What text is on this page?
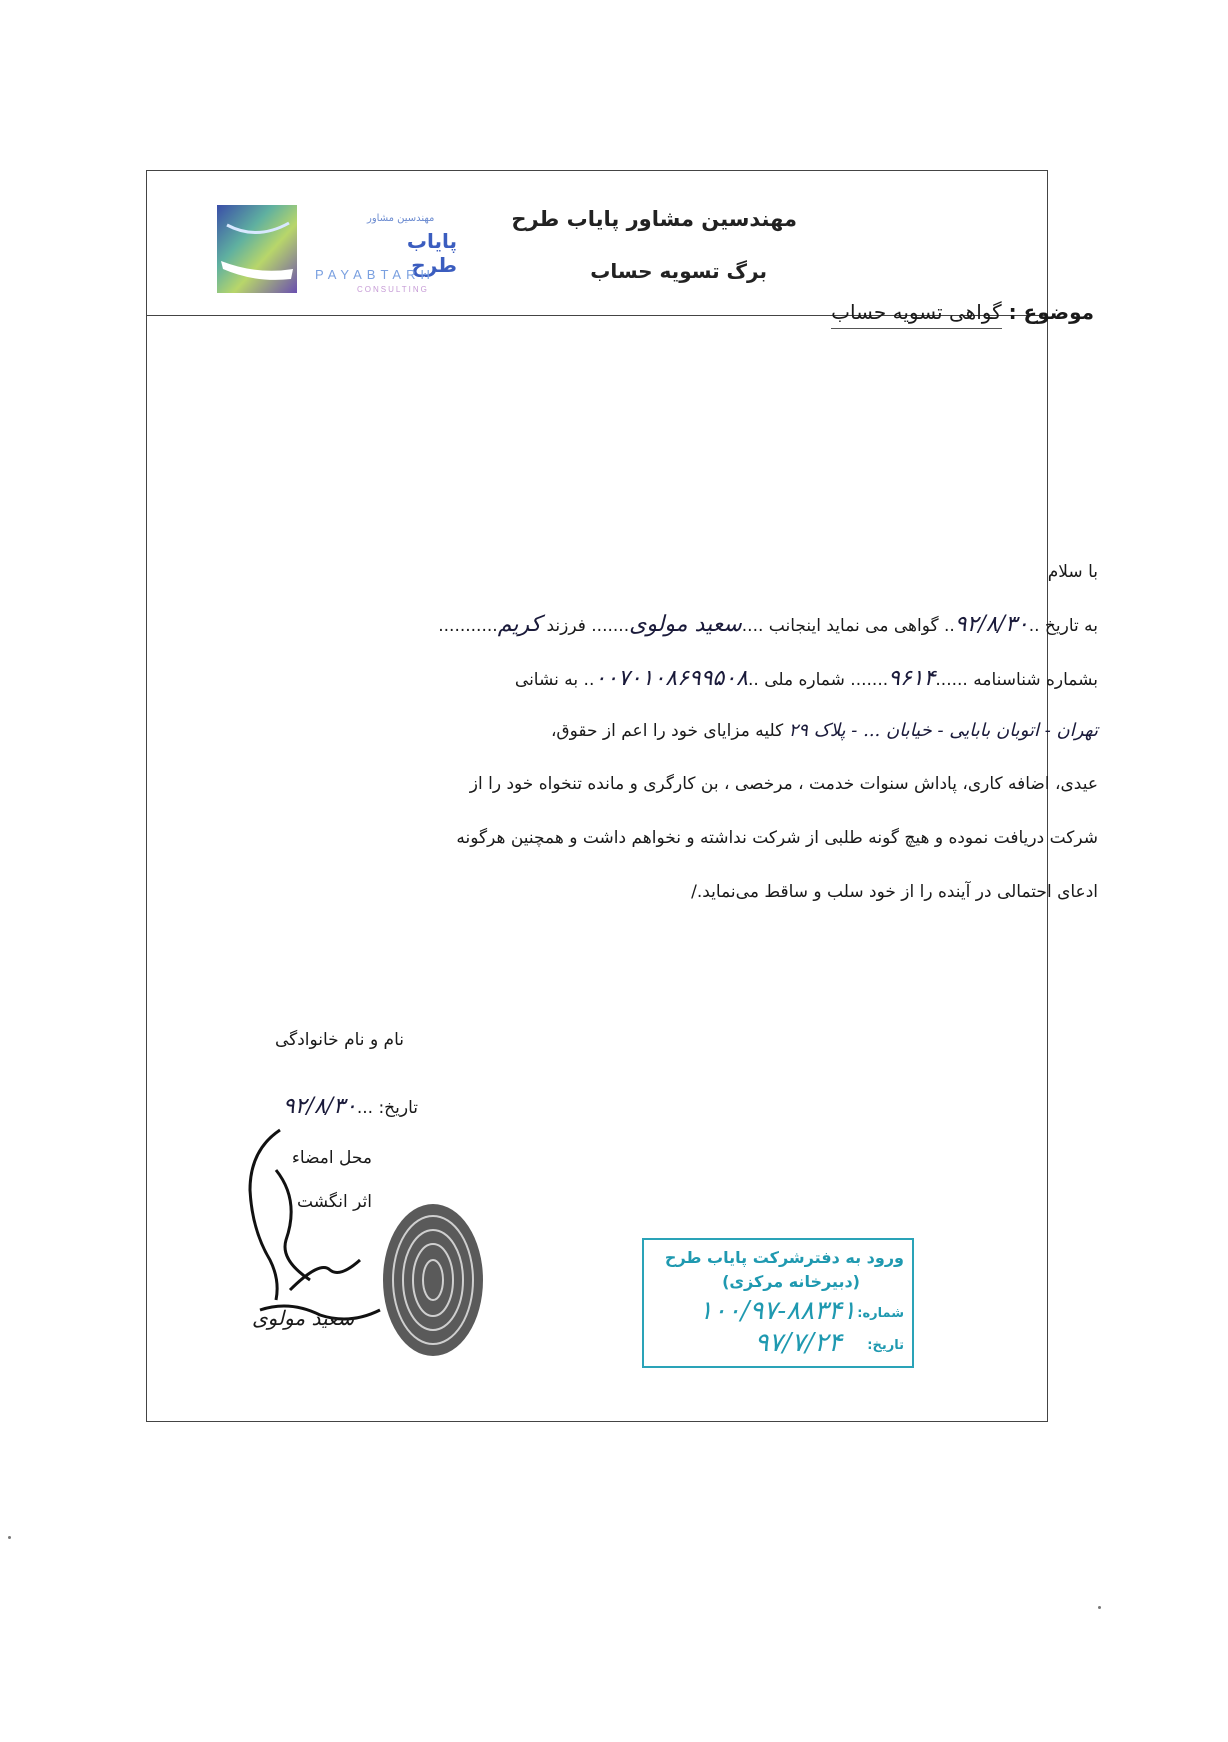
مهندسین مشاور پایاب طرح
برگ تسویه حساب
مهندسین مشاور
پایاب طرح
PAYABTARH
CONSULTING
موضوع : گواهی تسویه حساب
با سلام
به تاریخ ..۹۲/۸/۳۰.. گواهی می نماید اینجانب ....سعید مولوی....... فرزند کریم...........
بشماره شناسنامه ......۹۶۱۴....... شماره ملی ..۰۰۷۰۱۰۸۶۹۹۵۰۸.. به نشانی
تهران - اتوبان بابایی - خیابان ... - پلاک ۲۹ کلیه مزایای خود را اعم از حقوق،
عیدی، اضافه کاری، پاداش سنوات خدمت ، مرخصی ، بن کارگری و مانده تنخواه خود را از
شرکت دریافت نموده و هیچ گونه طلبی از شرکت نداشته و نخواهم داشت و همچنین هرگونه
ادعای احتمالی در آینده را از خود سلب و ساقط می‌نماید./
نام و نام خانوادگی
تاریخ: ...۹۲/۸/۳۰
محل امضاء
اثر انگشت
سعید مولوی
ورود به دفترشرکت پایاب طرح
(دبیرخانه مرکزی)
شماره:
۱۰۰/۹۷-۸۸۳۴۱
تاریخ:
۹۷/۷/۲۴
